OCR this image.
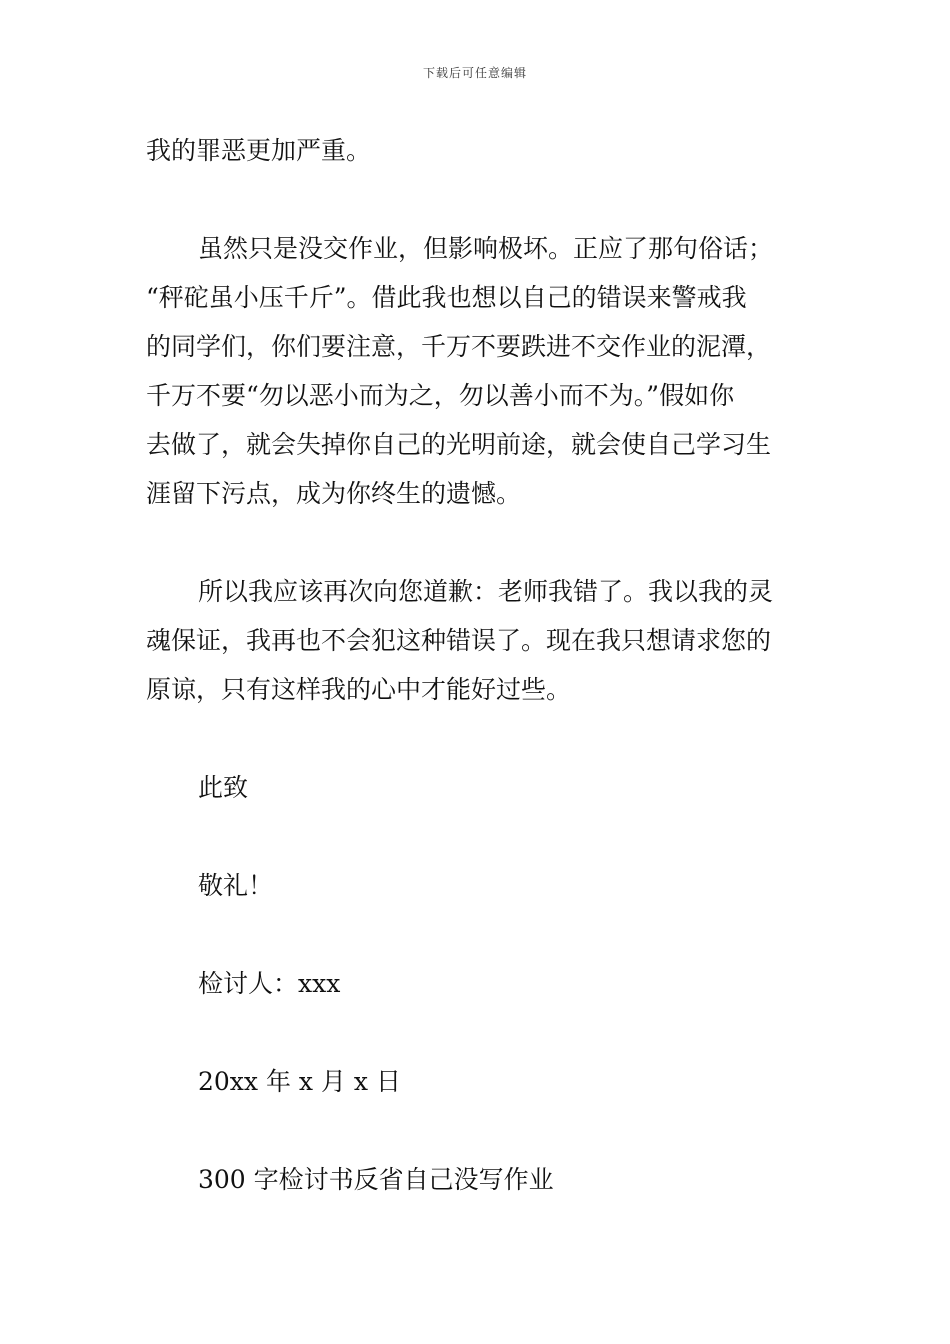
下载后可任意编辑
我的罪恶更加严重。
虽然只是没交作业，但影响极坏。正应了那句俗话；
“秤砣虽小压千斤”。借此我也想以自己的错误来警戒我
的同学们，你们要注意，千万不要跌进不交作业的泥潭，
千万不要“勿以恶小而为之，勿以善小而不为。”假如你
去做了，就会失掉你自己的光明前途，就会使自己学习生
涯留下污点，成为你终生的遗憾。
所以我应该再次向您道歉：老师我错了。我以我的灵
魂保证，我再也不会犯这种错误了。现在我只想请求您的
原谅，只有这样我的心中才能好过些。
此致
敬礼！
检讨人：xxx
20xx 年 x 月 x 日
300 字检讨书反省自己没写作业
